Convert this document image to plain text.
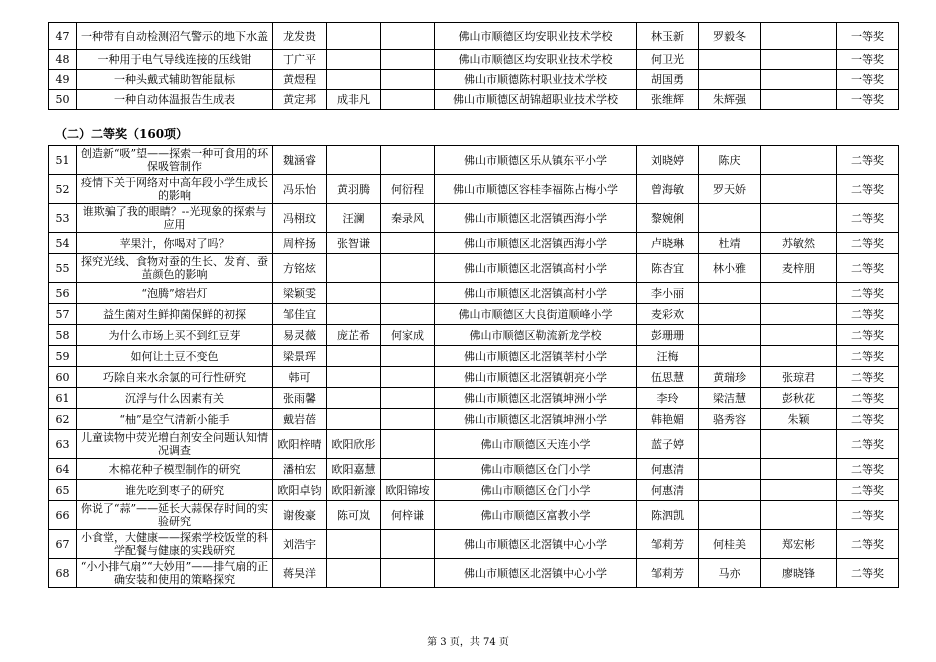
47	一种带有自动检测沼气警示的地下水盖	龙发贵			佛山市顺德区均安职业技术学校	林玉新	罗毅冬		一等奖
48	一种用于电气导线连接的压线钳	丁广平			佛山市顺德区均安职业技术学校	何卫光			一等奖
49	一种头戴式辅助智能鼠标	黄煜程			佛山市顺德陈村职业技术学校	胡国勇			一等奖
50	一种自动体温报告生成表	黄定邦	成非凡		佛山市顺德区胡锦超职业技术学校	张维辉	朱辉强		一等奖
（二）二等奖（160项）
51	创造新“吸”望——探索一种可食用的环保吸管制作	魏涵睿			佛山市顺德区乐从镇东平小学	刘晓婷	陈庆		二等奖
52	疫情下关于网络对中高年段小学生成长的影响	冯乐怡	黄羽腾	何衍程	佛山市顺德区容桂李福陈占梅小学	曾海敏	罗天娇		二等奖
53	谁欺骗了我的眼睛？--光现象的探索与应用	冯栩玟	汪澜	秦录风	佛山市顺德区北滘镇西海小学	黎婉俐			二等奖
54	苹果汁，你喝对了吗？	周梓扬	张智谦		佛山市顺德区北滘镇西海小学	卢晓琳	杜靖	苏敏然	二等奖
55	探究光线、食物对蚕的生长、发育、蚕茧颜色的影响	方铭炫			佛山市顺德区北滘镇高村小学	陈杏宜	林小雅	麦梓朋	二等奖
56	“泡腾”熔岩灯	梁颖雯			佛山市顺德区北滘镇高村小学	李小丽			二等奖
57	益生菌对生鲜抑菌保鲜的初探	邹佳宜			佛山市顺德区大良街道顺峰小学	麦彩欢			二等奖
58	为什么市场上买不到红豆芽	易灵薇	庞芷希	何家成	佛山市顺德区勒流新龙学校	彭珊珊			二等奖
59	如何让土豆不变色	梁景珲			佛山市顺德区北滘镇莘村小学	汪梅			二等奖
60	巧除自来水余氯的可行性研究	韩可			佛山市顺德区北滘镇朝亮小学	伍思慧	黄瑞珍	张琼君	二等奖
61	沉浮与什么因素有关	张雨馨			佛山市顺德区北滘镇坤洲小学	李玲	梁洁慧	彭秋花	二等奖
62	“柚”是空气清新小能手	戴岩蓓			佛山市顺德区北滘镇坤洲小学	韩艳媚	骆秀容	朱颖	二等奖
63	儿童读物中荧光增白剂安全问题认知情况调查	欧阳梓晴	欧阳欣彤		佛山市顺德区天连小学	蓝子婷			二等奖
64	木棉花种子模型制作的研究	潘柏宏	欧阳嘉慧		佛山市顺德区仓门小学	何惠清			二等奖
65	谁先吃到枣子的研究	欧阳卓钧	欧阳新濠	欧阳锦垵	佛山市顺德区仓门小学	何惠清			二等奖
66	你说了“蒜”——延长大蒜保存时间的实验研究	谢俊豪	陈可岚	何梓谦	佛山市顺德区富教小学	陈泗凯			二等奖
67	小食堂，大健康——探索学校饭堂的科学配餐与健康的实践研究	刘浩宇			佛山市顺德区北滘镇中心小学	邹莉芳	何桂美	郑宏彬	二等奖
68	“小小排气扇”“大妙用”——排气扇的正确安装和使用的策略探究	蒋昊洋			佛山市顺德区北滘镇中心小学	邹莉芳	马亦	廖晓锋	二等奖
第 3 页，共 74 页
